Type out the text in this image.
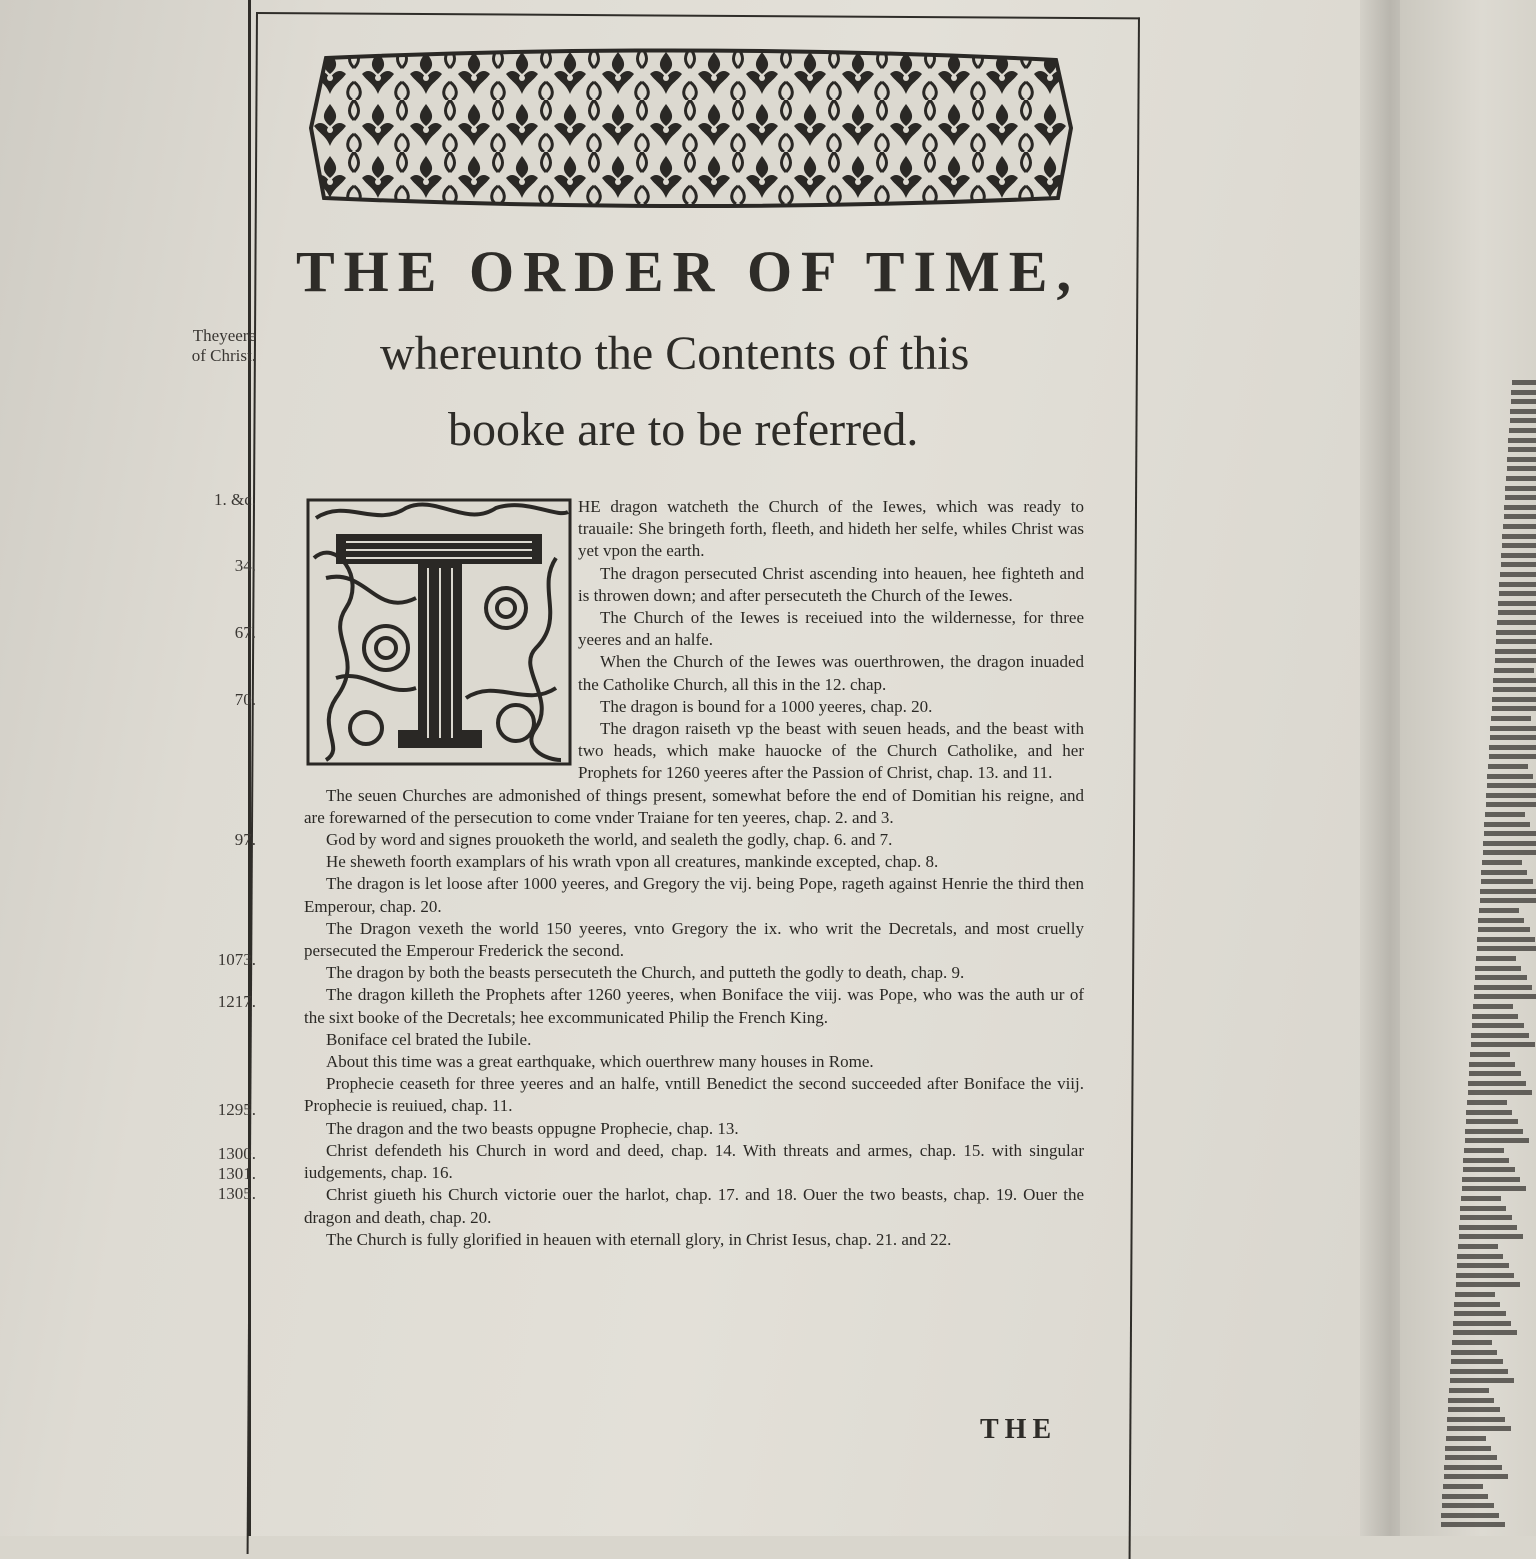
Theyeere
of Christ.
1. &c.
34.
67.
70.
97.
1073.
1217.
1295.
1300.
1301.
1305.
THE ORDER OF TIME,
whereunto the Contents of this
booke are to be referred.

HE dragon watcheth the Church of the Iewes, which was ready to trauaile: She bringeth forth, fleeth, and hideth her selfe, whiles Christ was yet vpon the earth.

The dragon persecuted Christ ascending into heauen, hee fighteth and is throwen down; and after persecuteth the Church of the Iewes.

The Church of the Iewes is receiued into the wildernesse, for three yeeres and an halfe.

When the Church of the Iewes was ouerthrowen, the dragon inuaded the Catholike Church, all this in the 12. chap.

The dragon is bound for a 1000 yeeres, chap. 20.

The dragon raiseth vp the beast with seuen heads, and the beast with two heads, which make hauocke of the Church Catholike, and her Prophets for 1260 yeeres after the Passion of Christ, chap. 13. and 11.

The seuen Churches are admonished of things present, somewhat before the end of Domitian his reigne, and are forewarned of the persecution to come vnder Traiane for ten yeeres, chap. 2. and 3.

God by word and signes prouoketh the world, and sealeth the godly, chap. 6. and 7.

He sheweth foorth examplars of his wrath vpon all creatures, mankinde excepted, chap. 8.

The dragon is let loose after 1000 yeeres, and Gregory the vij. being Pope, rageth against Henrie the third then Emperour, chap. 20.

The Dragon vexeth the world 150 yeeres, vnto Gregory the ix. who writ the Decretals, and most cruelly persecuted the Emperour Frederick the second.

The dragon by both the beasts persecuteth the Church, and putteth the godly to death, chap. 9.

The dragon killeth the Prophets after 1260 yeeres, when Boniface the viij. was Pope, who was the auth ur of the sixt booke of the Decretals; hee excommunicated Philip the French King.

Boniface cel brated the Iubile.

About this time was a great earthquake, which ouerthrew many houses in Rome.

Prophecie ceaseth for three yeeres and an halfe, vntill Benedict the second succeeded after Boniface the viij. Prophecie is reuiued, chap. 11.

The dragon and the two beasts oppugne Prophecie, chap. 13.

Christ defendeth his Church in word and deed, chap. 14. With threats and armes, chap. 15. with singular iudgements, chap. 16.

Christ giueth his Church victorie ouer the harlot, chap. 17. and 18. Ouer the two beasts, chap. 19. Ouer the dragon and death, chap. 20.

The Church is fully glorified in heauen with eternall glory, in Christ Iesus, chap. 21. and 22.

THE
